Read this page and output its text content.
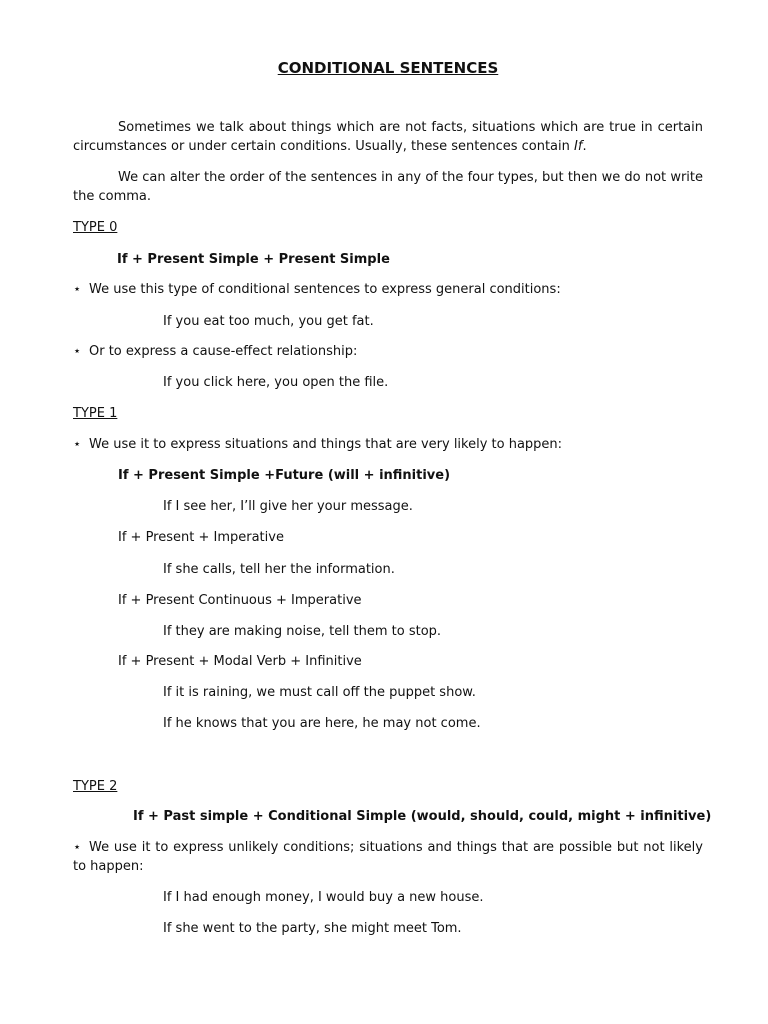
CONDITIONAL SENTENCES

Sometimes we talk about things which are not facts, situations which are true in certain circumstances or under certain conditions. Usually, these sentences contain If.

We can alter the order of the sentences in any of the four types, but then we do not write the comma.

TYPE 0
If + Present Simple + Present Simple
⋆ We use this type of conditional sentences to express general conditions:
If you eat too much, you get fat.
⋆ Or to express a cause-effect relationship:
If you click here, you open the file.
TYPE 1
⋆ We use it to express situations and things that are very likely to happen:
If + Present Simple +Future (will + infinitive)
If I see her, I’ll give her your message.
If + Present + Imperative
If she calls, tell her the information.
If + Present Continuous + Imperative
If they are making noise, tell them to stop.
If + Present + Modal Verb + Infinitive
If it is raining, we must call off the puppet show.
If he knows that you are here, he may not come.
TYPE 2
If + Past simple + Conditional Simple (would, should, could, might + infinitive)
⋆ We use it to express unlikely conditions; situations and things that are possible but not likely to happen:
If I had enough money, I would buy a new house.
If she went to the party, she might meet Tom.
